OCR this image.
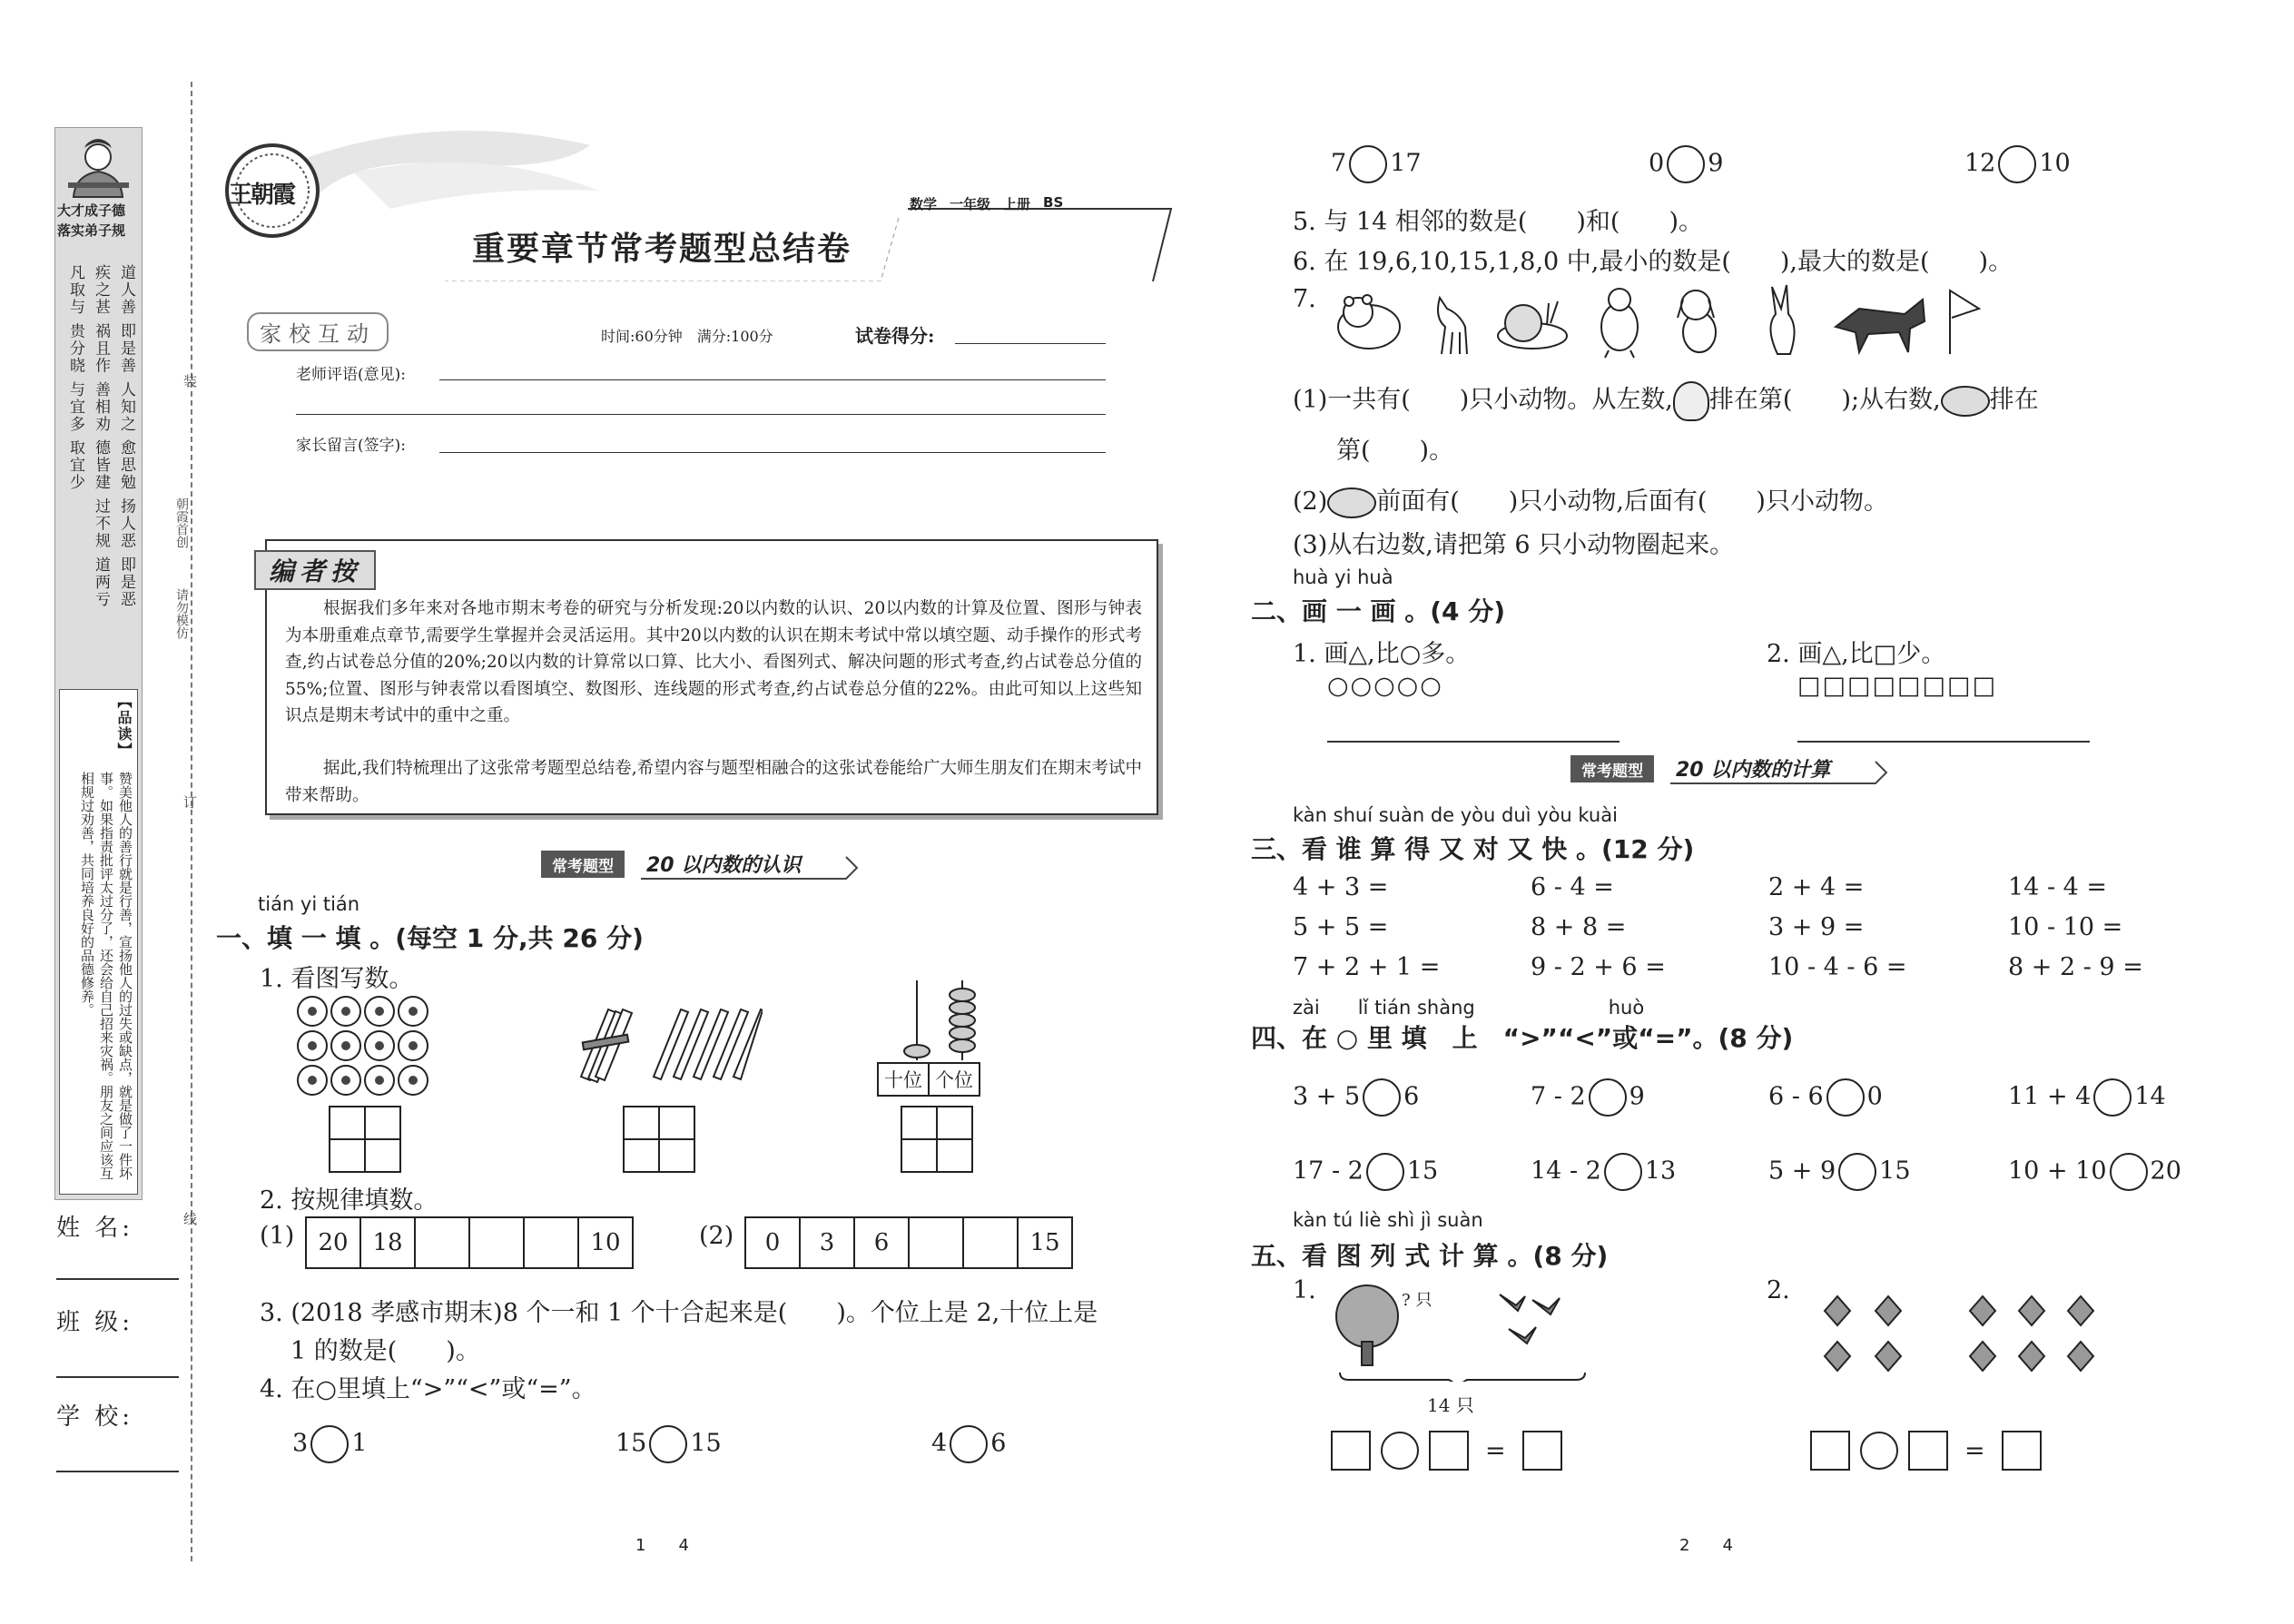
装
订
线
朝霞首创
请勿模仿
大才成子德
落实弟子规
道人善 即是善 人知之 愈思勉 扬人恶 即是恶
疾之甚 祸且作 善相劝 德皆建 过不规 道两亏
凡取与 贵分晓 与宜多 取宜少
【品读】
赞美他人的善行就是行善，宣扬他人的过失或缺点，就是做了一件坏事。如果指责批评太过分了，还会给自己招来灾祸。朋友之间应该互相规过劝善，共同培养良好的品德修养。
姓 名:
班 级:
学 校:
王朝霞	数学 一年级 上册 BS
重要章节常考题型总结卷
家校互动	时间:60分钟　满分:100分	试卷得分:
老师评语(意见):
家长留言(签字):
编者按
根据我们多年来对各地市期末考卷的研究与分析发现:20以内数的认识、20以内数的计算及位置、图形与钟表为本册重难点章节,需要学生掌握并会灵活运用。其中20以内数的认识在期末考试中常以填空题、动手操作的形式考查,约占试卷总分值的20%;20以内数的计算常以口算、比大小、看图列式、解决问题的形式考查,约占试卷总分值的55%;位置、图形与钟表常以看图填空、数图形、连线题的形式考查,约占试卷总分值的22%。由此可知以上这些知识点是期末考试中的重中之重。
据此,我们特梳理出了这张常考题型总结卷,希望内容与题型相融合的这张试卷能给广大师生朋友们在期末考试中带来帮助。
常考题型	20 以内数的认识
tián yi tián
一、填 一 填 。(每空 1 分,共 26 分)
1. 看图写数。
十位 个位
2. 按规律填数。
(1)	20	18	10	(2)	0	3	6	15
3. (2018 孝感市期末)8 个一和 1 个十合起来是(　　)。个位上是 2,十位上是
1 的数是(　　)。
4. 在○里填上“>”“<”或“=”。
3 1	15 15	4 6
1　　4
7 17	0 9	12 10
5. 与 14 相邻的数是(　　)和(　　)。
6. 在 19,6,10,15,1,8,0 中,最小的数是(　　),最大的数是(　　)。
7.
(1)一共有(　　)只小动物。从左数, 排在第(　　);从右数, 排在
第(　　)。
(2) 前面有(　　)只小动物,后面有(　　)只小动物。
(3)从右边数,请把第 6 只小动物圈起来。
huà yi huà
二、画 一 画 。(4 分)
1. 画△,比○多。
○○○○○
2. 画△,比□少。
□□□□□□□□
常考题型	20 以内数的计算
kàn shuí suàn de yòu duì yòu kuài
三、看 谁 算 得 又 对 又 快 。(12 分)
4 + 3 =	6 - 4 =	2 + 4 =	14 - 4 =
5 + 5 =	8 + 8 =	3 + 9 =	10 - 10 =
7 + 2 + 1 =	9 - 2 + 6 =	10 - 4 - 6 =	8 + 2 - 9 =
zài　　lǐ tián shàng　　　　　　　huò
四、在 ○ 里 填　上　“>”“<”或“=”。(8 分)
3 + 5 6	7 - 2 9	6 - 6 0	11 + 4 14
17 - 2 15	14 - 2 13	5 + 9 15	10 + 10 20
kàn tú liè shì jì suàn
五、看 图 列 式 计 算 。(8 分)
1.	? 只
14 只
=
2.
=
2　　4
